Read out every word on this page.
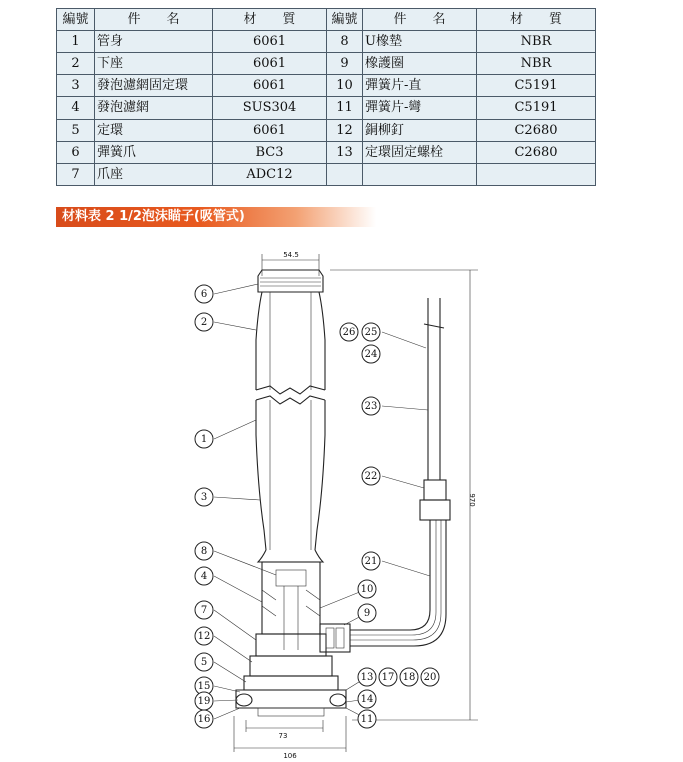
編號	件　　名	材　　質	編號	件　　名	材　　質
1	管身	6061	8	U橡墊	NBR
2	下座	6061	9	橡護圈	NBR
3	發泡濾網固定環	6061	10	彈簧片-直	C5191
4	發泡濾網	SUS304	11	彈簧片-彎	C5191
5	定環	6061	12	銅柳釘	C2680
6	彈簧爪	BC3	13	定環固定螺栓	C2680
7	爪座	ADC12			
材料表 2 1/2泡沫瞄子(吸管式)
54.5
73
106
970
6
2
1
3
8
4
7
12
5
15
19
16
26 25
24
23
22
21
10
9
13 17 18 20
14
11
